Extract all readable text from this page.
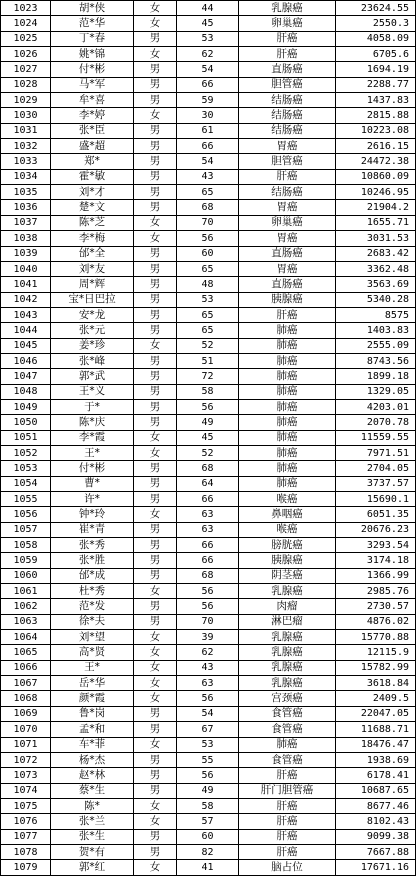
1023	胡*侠	女	44	乳腺癌	23624.55
1024	范*华	女	45	卵巢癌	2550.3
1025	丁*春	男	53	肝癌	4058.09
1026	姚*锦	女	62	肝癌	6705.6
1027	付*彬	男	54	直肠癌	1694.19
1028	马*军	男	66	胆管癌	2288.77
1029	牟*喜	男	59	结肠癌	1437.83
1030	李*婷	女	30	结肠癌	2815.88
1031	张*臣	男	61	结肠癌	10223.08
1032	盛*超	男	66	胃癌	2616.15
1033	郑*	男	54	胆管癌	24472.38
1034	霍*敏	男	43	肝癌	10860.09
1035	刘*才	男	65	结肠癌	10246.95
1036	楚*文	男	68	胃癌	21904.2
1037	陈*芝	女	70	卵巢癌	1655.71
1038	李*梅	女	56	胃癌	3031.53
1039	邰*全	男	60	直肠癌	2683.42
1040	刘*友	男	65	胃癌	3362.48
1041	周*辉	男	48	直肠癌	3563.69
1042	宝*日巴拉	男	53	胰腺癌	5340.28
1043	安*龙	男	65	肝癌	8575
1044	张*元	男	65	肺癌	1403.83
1045	姜*珍	女	52	肺癌	2555.09
1046	张*峰	男	51	肺癌	8743.56
1047	郭*武	男	72	肺癌	1899.18
1048	王*义	男	58	肺癌	1329.05
1049	于*	男	56	肺癌	4203.01
1050	陈*庆	男	49	肺癌	2070.78
1051	李*霞	女	45	肺癌	11559.55
1052	王*	女	52	肺癌	7971.51
1053	付*彬	男	68	肺癌	2704.05
1054	曹*	男	64	肺癌	3737.57
1055	许*	男	66	喉癌	15690.1
1056	钟*玲	女	63	鼻咽癌	6051.35
1057	崔*青	男	63	喉癌	20676.23
1058	张*秀	男	66	膀胱癌	3293.54
1059	张*胜	男	66	胰腺癌	3174.18
1060	邰*成	男	68	阴茎癌	1366.99
1061	杜*秀	女	56	乳腺癌	2985.76
1062	范*发	男	56	肉瘤	2730.57
1063	徐*夫	男	70	淋巴瘤	4876.02
1064	刘*望	女	39	乳腺癌	15770.88
1065	高*贤	女	62	乳腺癌	12115.9
1066	王*	女	43	乳腺癌	15782.99
1067	岳*华	女	63	乳腺癌	3618.84
1068	颜*霞	女	56	宫颈癌	2409.5
1069	鲁*岗	男	54	食管癌	22047.05
1070	孟*和	男	67	食管癌	11688.71
1071	车*菲	女	53	肺癌	18476.47
1072	杨*杰	男	55	食管癌	1938.69
1073	赵*林	男	56	肝癌	6178.41
1074	蔡*生	男	49	肝门胆管癌	10687.65
1075	陈*	女	58	肝癌	8677.46
1076	张*兰	女	57	肝癌	8102.43
1077	张*生	男	60	肝癌	9099.38
1078	贺*有	男	82	肝癌	7667.88
1079	郭*红	女	41	脑占位	17671.16
